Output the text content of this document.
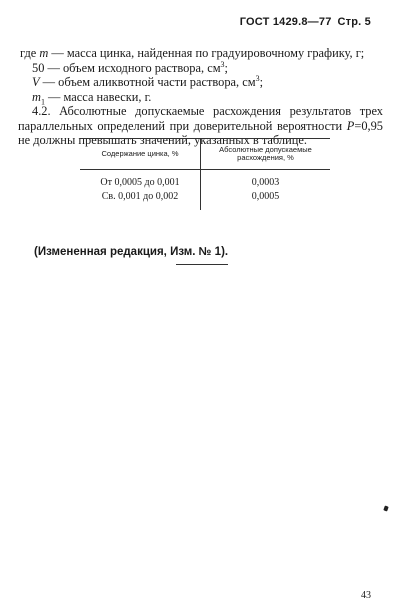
ГОСТ 1429.8—77 Стр. 5

где m — масса цинка, найденная по градуировочному графику, г;

50 — объем исходного раствора, $см^3$;

V — объем аликвотной части раствора, $см^3$;

$m_1$ — масса навески, г.

4.2. Абсолютные допускаемые расхождения результатов трех

параллельных определений при доверительной вероятности P=0,95

не должны превышать значений, указанных в таблице.

Содержание цинка, %	Абсолютные допускаемые расхождения, %
От 0,0005 до 0,001
Св. 0,001 до 0,002
0,0003
0,0005
(Измененная редакция, Изм. № 1).
43
